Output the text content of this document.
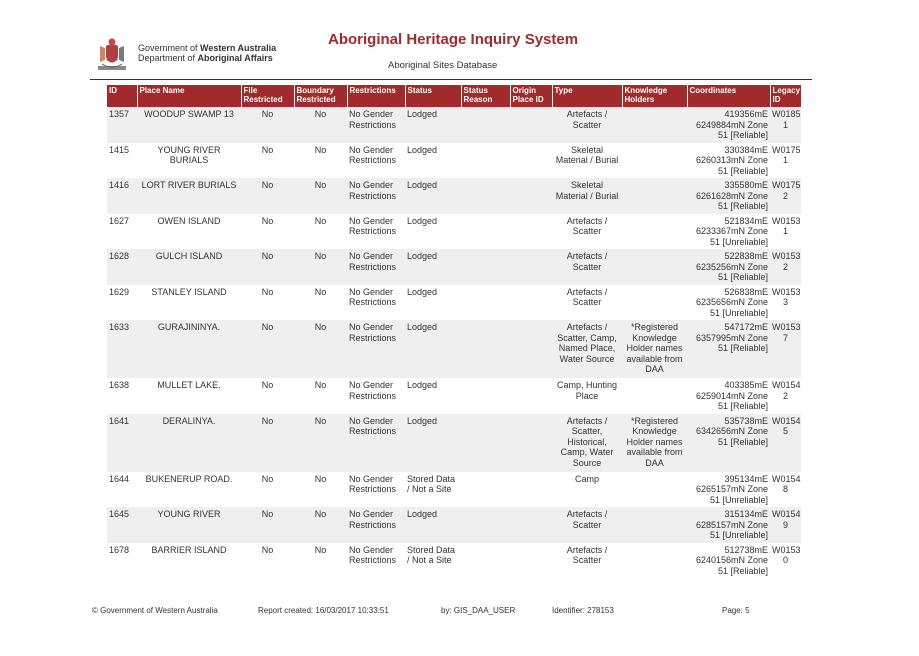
Government of Western Australia
Department of Aboriginal Affairs
Aboriginal Heritage Inquiry System
Aboriginal Sites Database
ID	Place Name	File Restricted	Boundary Restricted	Restrictions	Status	Status Reason	Origin Place ID	Type	Knowledge Holders	Coordinates	Legacy ID
1357	WOODUP SWAMP 13	No	No	No Gender Restrictions	Lodged			Artefacts / Scatter		419356mE 6249884mN Zone 51 [Reliable]	W0185 1
1415	YOUNG RIVER BURIALS	No	No	No Gender Restrictions	Lodged			Skeletal Material / Burial		330384mE 6260313mN Zone 51 [Reliable]	W0175 1
1416	LORT RIVER BURIALS	No	No	No Gender Restrictions	Lodged			Skeletal Material / Burial		335580mE 6261628mN Zone 51 [Reliable]	W0175 2
1627	OWEN ISLAND	No	No	No Gender Restrictions	Lodged			Artefacts / Scatter		521834mE 6233367mN Zone 51 [Unreliable]	W0153 1
1628	GULCH ISLAND	No	No	No Gender Restrictions	Lodged			Artefacts / Scatter		522838mE 6235256mN Zone 51 [Reliable]	W0153 2
1629	STANLEY ISLAND	No	No	No Gender Restrictions	Lodged			Artefacts / Scatter		526838mE 6235656mN Zone 51 [Unreliable]	W0153 3
1633	GURAJININYA.	No	No	No Gender Restrictions	Lodged			Artefacts / Scatter, Camp, Named Place, Water Source	*Registered Knowledge Holder names available from DAA	547172mE 6357995mN Zone 51 [Reliable]	W0153 7
1638	MULLET LAKE.	No	No	No Gender Restrictions	Lodged			Camp, Hunting Place		403385mE 6259014mN Zone 51 [Reliable]	W0154 2
1641	DERALINYA.	No	No	No Gender Restrictions	Lodged			Artefacts / Scatter, Historical, Camp, Water Source	*Registered Knowledge Holder names available from DAA	535738mE 6342656mN Zone 51 [Reliable]	W0154 5
1644	BUKENERUP ROAD.	No	No	No Gender Restrictions	Stored Data / Not a Site			Camp		395134mE 6265157mN Zone 51 [Unreliable]	W0154 8
1645	YOUNG RIVER	No	No	No Gender Restrictions	Lodged			Artefacts / Scatter		315134mE 6285157mN Zone 51 [Unreliable]	W0154 9
1678	BARRIER ISLAND	No	No	No Gender Restrictions	Stored Data / Not a Site			Artefacts / Scatter		512738mE 6240156mN Zone 51 [Reliable]	W0153 0
© Government of Western Australia	Report created: 16/03/2017 10:33:51	by: GIS_DAA_USER	Identifier: 278153	Page: 5
